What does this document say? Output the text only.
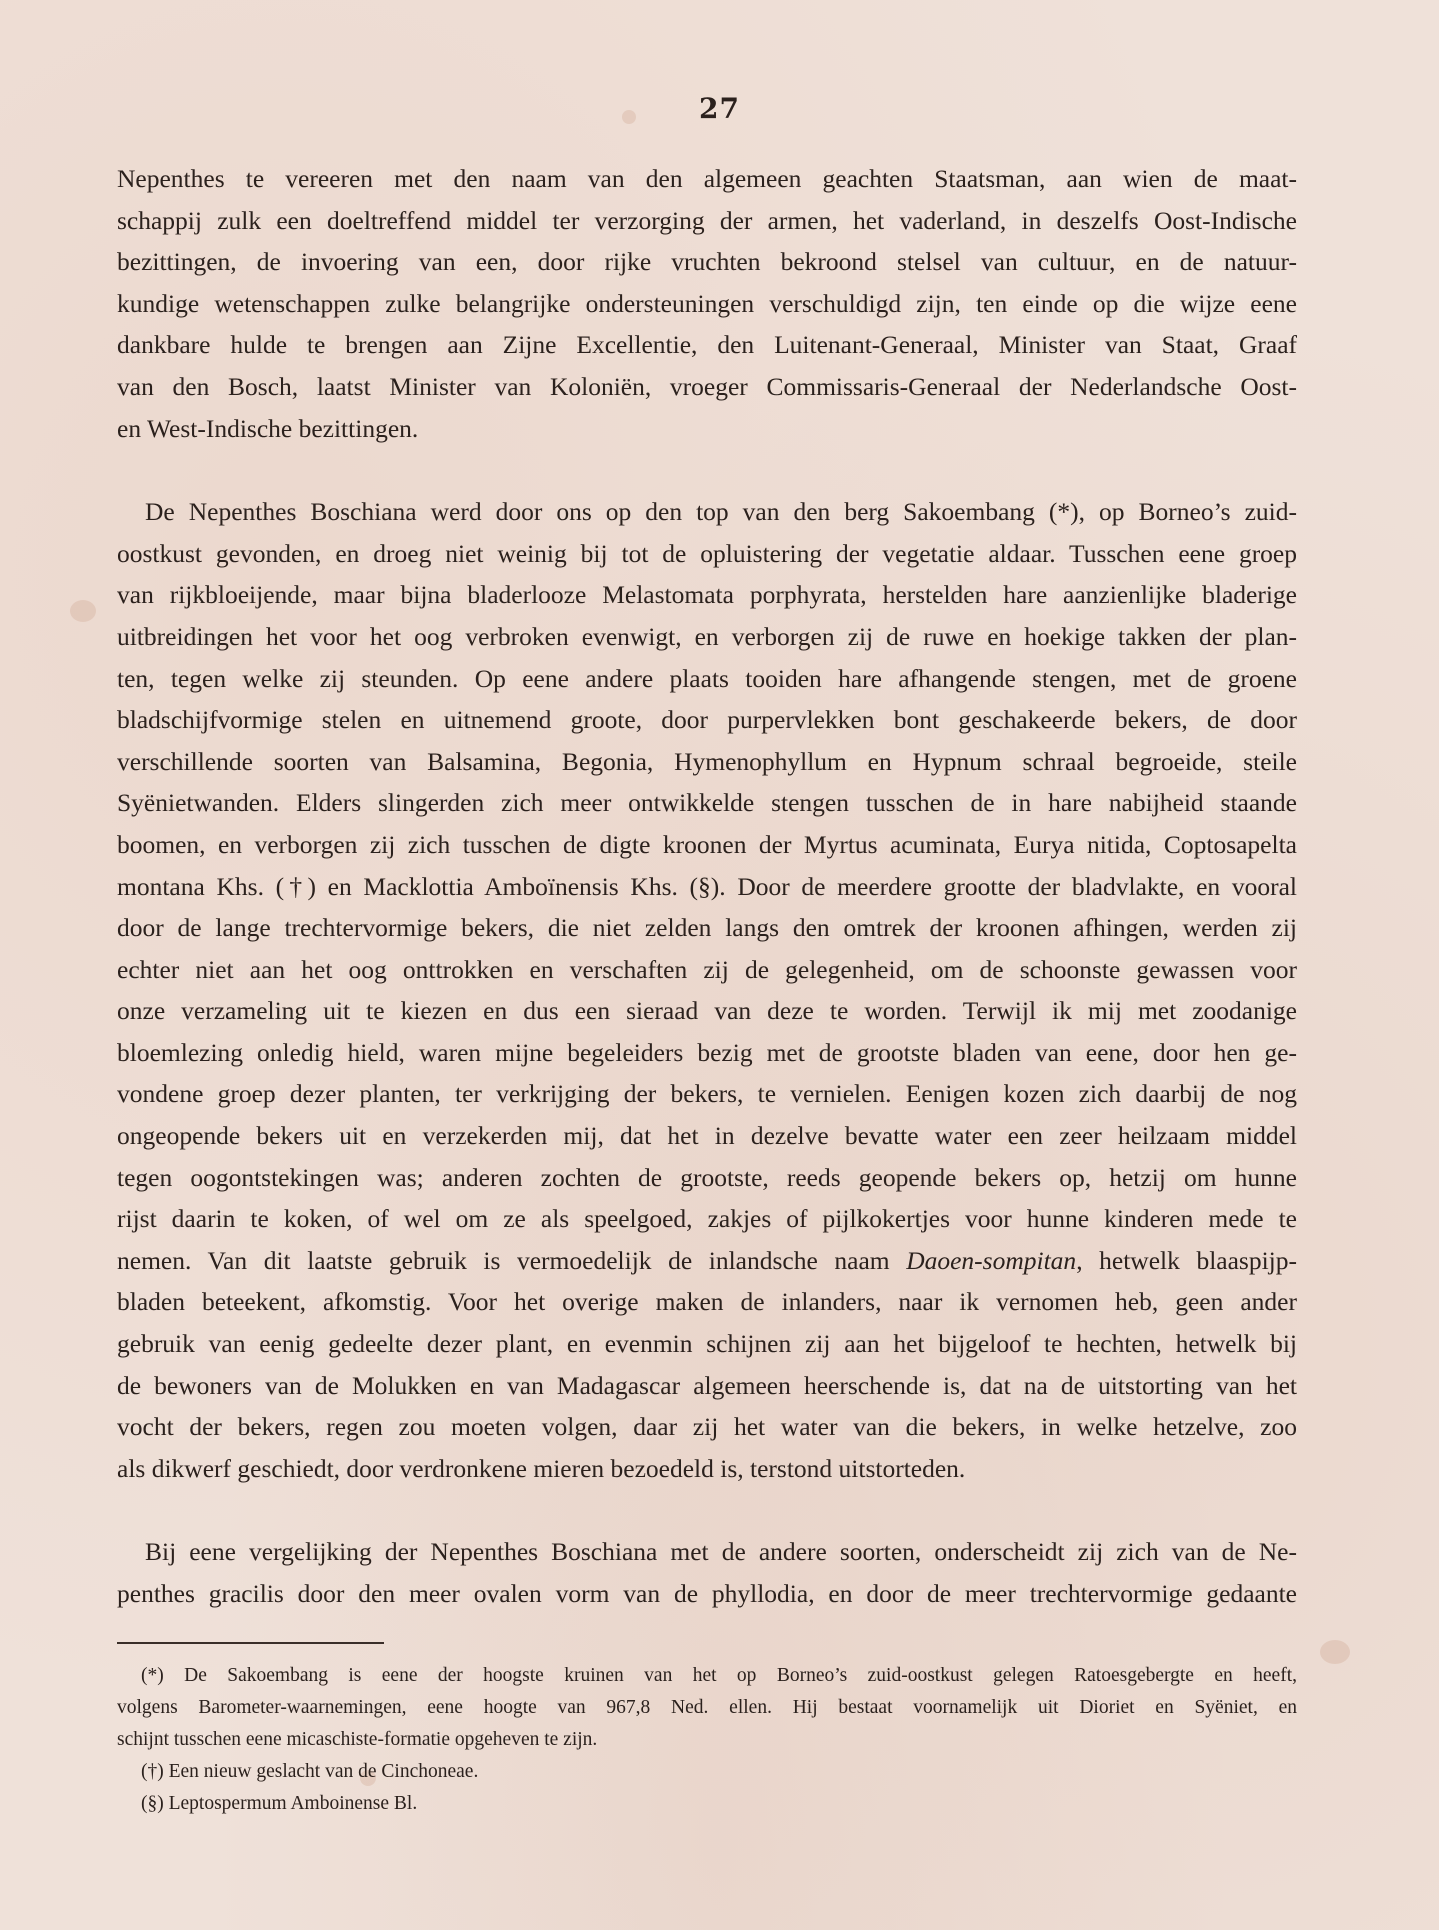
27
Nepenthes te vereeren met den naam van den algemeen geachten Staatsman, aan wien de maat-
schappij zulk een doeltreffend middel ter verzorging der armen, het vaderland, in deszelfs Oost-Indische
bezittingen, de invoering van een, door rijke vruchten bekroond stelsel van cultuur, en de natuur-
kundige wetenschappen zulke belangrijke ondersteuningen verschuldigd zijn, ten einde op die wijze eene
dankbare hulde te brengen aan Zijne Excellentie, den Luitenant-Generaal, Minister van Staat, Graaf
van den Bosch, laatst Minister van Koloniën, vroeger Commissaris-Generaal der Nederlandsche Oost-
en West-Indische bezittingen.
De Nepenthes Boschiana werd door ons op den top van den berg Sakoembang (*), op Borneo’s zuid-
oostkust gevonden, en droeg niet weinig bij tot de opluistering der vegetatie aldaar. Tusschen eene groep
van rijkbloeijende, maar bijna bladerlooze Melastomata porphyrata, herstelden hare aanzienlijke bladerige
uitbreidingen het voor het oog verbroken evenwigt, en verborgen zij de ruwe en hoekige takken der plan-
ten, tegen welke zij steunden. Op eene andere plaats tooiden hare afhangende stengen, met de groene
bladschijfvormige stelen en uitnemend groote, door purpervlekken bont geschakeerde bekers, de door
verschillende soorten van Balsamina, Begonia, Hymenophyllum en Hypnum schraal begroeide, steile
Syënietwanden. Elders slingerden zich meer ontwikkelde stengen tusschen de in hare nabijheid staande
boomen, en verborgen zij zich tusschen de digte kroonen der Myrtus acuminata, Eurya nitida, Coptosapelta
montana Khs. (†) en Macklottia Amboïnensis Khs. (§). Door de meerdere grootte der bladvlakte, en vooral
door de lange trechtervormige bekers, die niet zelden langs den omtrek der kroonen afhingen, werden zij
echter niet aan het oog onttrokken en verschaften zij de gelegenheid, om de schoonste gewassen voor
onze verzameling uit te kiezen en dus een sieraad van deze te worden. Terwijl ik mij met zoodanige
bloemlezing onledig hield, waren mijne begeleiders bezig met de grootste bladen van eene, door hen ge-
vondene groep dezer planten, ter verkrijging der bekers, te vernielen. Eenigen kozen zich daarbij de nog
ongeopende bekers uit en verzekerden mij, dat het in dezelve bevatte water een zeer heilzaam middel
tegen oogontstekingen was; anderen zochten de grootste, reeds geopende bekers op, hetzij om hunne
rijst daarin te koken, of wel om ze als speelgoed, zakjes of pijlkokertjes voor hunne kinderen mede te
nemen. Van dit laatste gebruik is vermoedelijk de inlandsche naam Daoen-sompitan, hetwelk blaaspijp-
bladen beteekent, afkomstig. Voor het overige maken de inlanders, naar ik vernomen heb, geen ander
gebruik van eenig gedeelte dezer plant, en evenmin schijnen zij aan het bijgeloof te hechten, hetwelk bij
de bewoners van de Molukken en van Madagascar algemeen heerschende is, dat na de uitstorting van het
vocht der bekers, regen zou moeten volgen, daar zij het water van die bekers, in welke hetzelve, zoo
als dikwerf geschiedt, door verdronkene mieren bezoedeld is, terstond uitstorteden.
Bij eene vergelijking der Nepenthes Boschiana met de andere soorten, onderscheidt zij zich van de Ne-
penthes gracilis door den meer ovalen vorm van de phyllodia, en door de meer trechtervormige gedaante
(*) De Sakoembang is eene der hoogste kruinen van het op Borneo’s zuid-oostkust gelegen Ratoesgebergte en heeft,
volgens Barometer-waarnemingen, eene hoogte van 967,8 Ned. ellen. Hij bestaat voornamelijk uit Dioriet en Syëniet, en
schijnt tusschen eene micaschiste-formatie opgeheven te zijn.
(†) Een nieuw geslacht van de Cinchoneae.
(§) Leptospermum Amboinense Bl.
